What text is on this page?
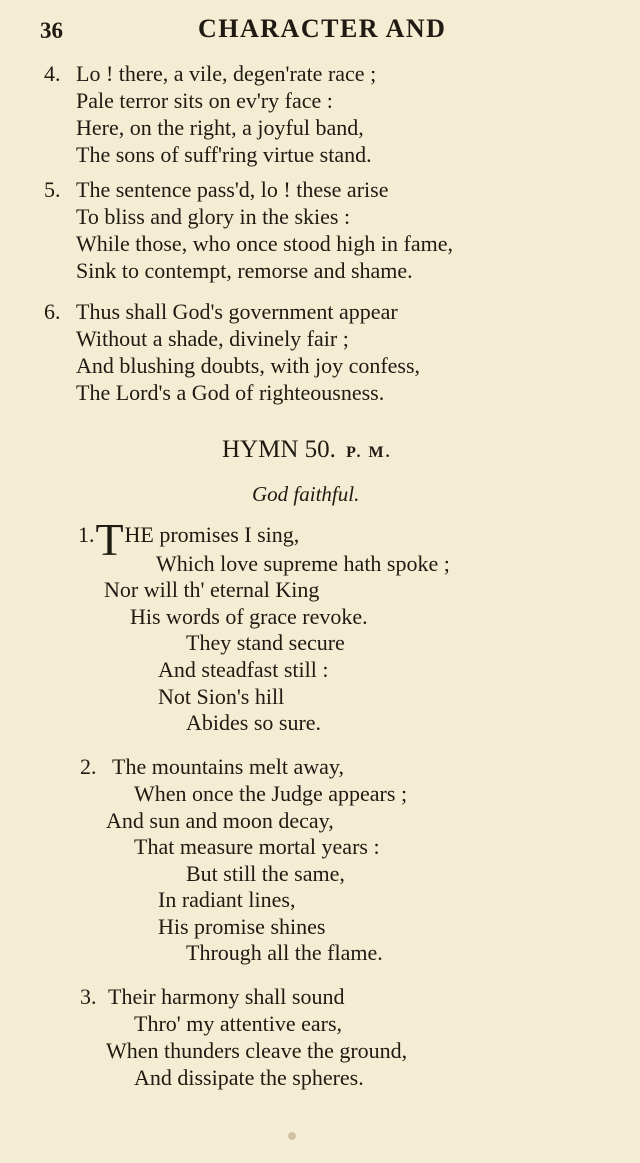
36	CHARACTER AND
4. Lo ! there, a vile, degen'rate race ;
Pale terror sits on ev'ry face :
Here, on the right, a joyful band,
The sons of suff'ring virtue stand.
5. The sentence pass'd, lo ! these arise
To bliss and glory in the skies :
While those, who once stood high in fame,
Sink to contempt, remorse and shame.
6. Thus shall God's government appear
Without a shade, divinely fair ;
And blushing doubts, with joy confess,
The Lord's a God of righteousness.
HYMN 50. P. M.
God faithful.
1.THE promises I sing,
Which love supreme hath spoke ;
Nor will th' eternal King
His words of grace revoke.
They stand secure
And steadfast still :
Not Sion's hill
Abides so sure.
2. The mountains melt away,
When once the Judge appears ;
And sun and moon decay,
That measure mortal years :
But still the same,
In radiant lines,
His promise shines
Through all the flame.
3. Their harmony shall sound
Thro' my attentive ears,
When thunders cleave the ground,
And dissipate the spheres.
